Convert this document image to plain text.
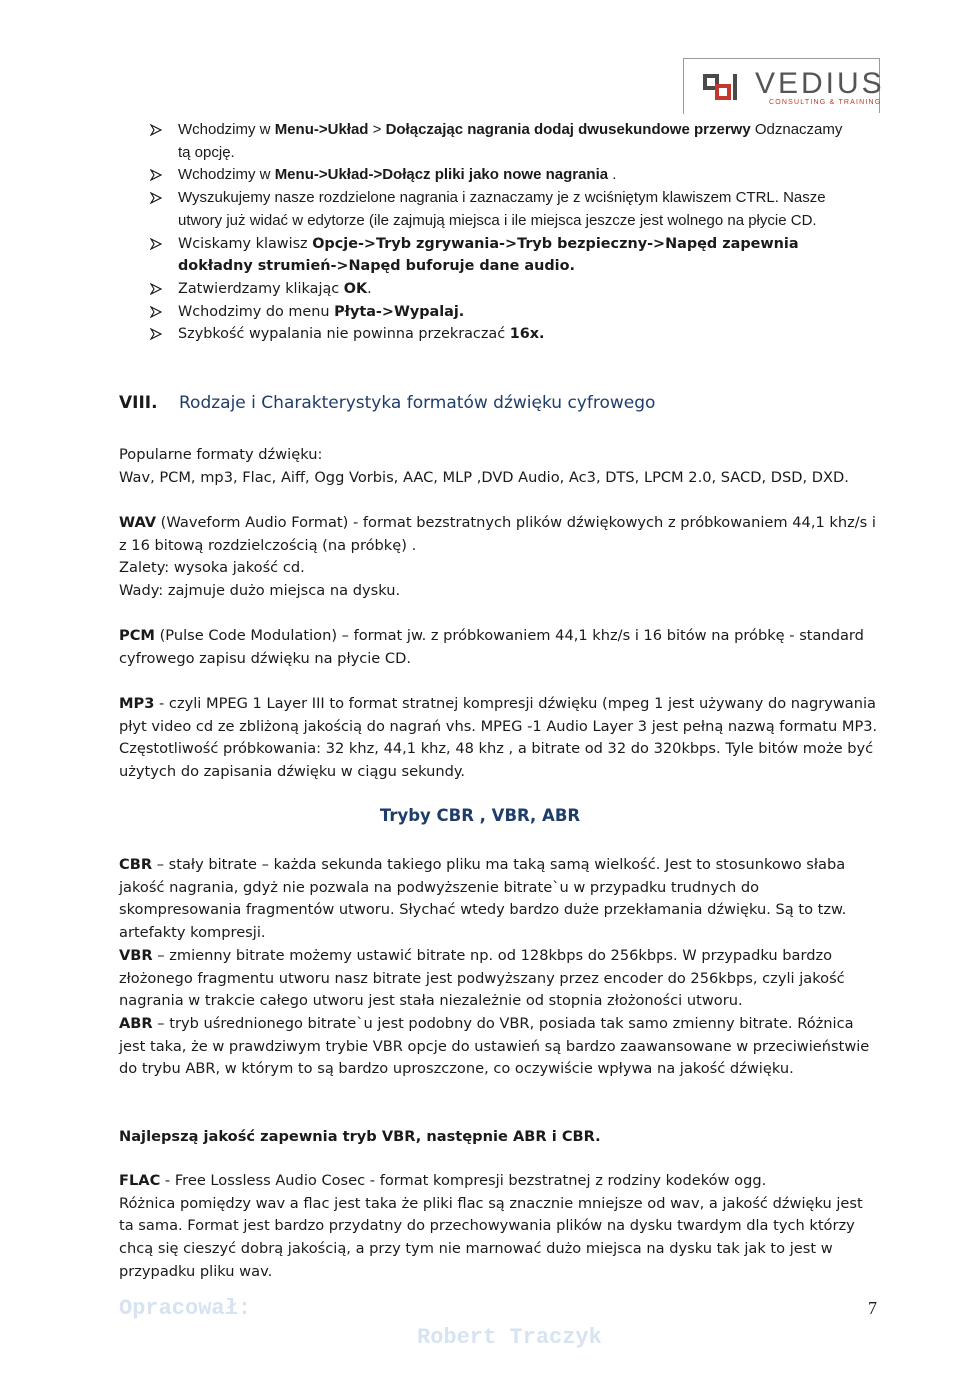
VEDIUS
CONSULTING & TRAINING
Wchodzimy w Menu->Układ > Dołączając nagrania dodaj dwusekundowe przerwy Odznaczamy tą opcję.
Wchodzimy w Menu->Układ->Dołącz pliki jako nowe nagrania .
Wyszukujemy nasze rozdzielone nagrania i zaznaczamy je z wciśniętym klawiszem CTRL. Nasze utwory już widać w edytorze (ile zajmują miejsca i ile miejsca jeszcze jest wolnego na płycie CD.
Wciskamy klawisz Opcje->Tryb zgrywania->Tryb bezpieczny->Napęd zapewnia dokładny strumień->Napęd buforuje dane audio.
Zatwierdzamy klikając OK.
Wchodzimy do menu Płyta->Wypalaj.
Szybkość wypalania nie powinna przekraczać 16x.
VIII. Rodzaje i Charakterystyka formatów dźwięku cyfrowego

Popularne formaty dźwięku:

Wav, PCM, mp3, Flac, Aiff, Ogg Vorbis, AAC, MLP ,DVD Audio, Ac3, DTS, LPCM 2.0, SACD, DSD, DXD.

WAV (Waveform Audio Format) - format bezstratnych plików dźwiękowych z próbkowaniem 44,1 khz/s i z 16 bitową rozdzielczością (na próbkę) .

Zalety: wysoka jakość cd.

Wady: zajmuje dużo miejsca na dysku.

PCM (Pulse Code Modulation) – format jw. z próbkowaniem 44,1 khz/s i 16 bitów na próbkę - standard cyfrowego zapisu dźwięku na płycie CD.

MP3 - czyli MPEG 1 Layer III to format stratnej kompresji dźwięku (mpeg 1 jest używany do nagrywania płyt video cd ze zbliżoną jakością do nagrań vhs. MPEG -1 Audio Layer 3 jest pełną nazwą formatu MP3. Częstotliwość próbkowania: 32 khz, 44,1 khz, 48 khz , a bitrate od 32 do 320kbps. Tyle bitów może być użytych do zapisania dźwięku w ciągu sekundy.

CBR – stały bitrate – każda sekunda takiego pliku ma taką samą wielkość. Jest to stosunkowo słaba jakość nagrania, gdyż nie pozwala na podwyższenie bitrate`u w przypadku trudnych do skompresowania fragmentów utworu. Słychać wtedy bardzo duże przekłamania dźwięku. Są to tzw. artefakty kompresji.

VBR – zmienny bitrate możemy ustawić bitrate np. od 128kbps do 256kbps. W przypadku bardzo złożonego fragmentu utworu nasz bitrate jest podwyższany przez encoder do 256kbps, czyli jakość nagrania w trakcie całego utworu jest stała niezależnie od stopnia złożoności utworu.

ABR – tryb uśrednionego bitrate`u jest podobny do VBR, posiada tak samo zmienny bitrate. Różnica jest taka, że w prawdziwym trybie VBR opcje do ustawień są bardzo zaawansowane w przeciwieństwie do trybu ABR, w którym to są bardzo uproszczone, co oczywiście wpływa na jakość dźwięku.

Najlepszą jakość zapewnia tryb VBR, następnie ABR i CBR.

FLAC - Free Lossless Audio Cosec - format kompresji bezstratnej z rodziny kodeków ogg.

Różnica pomiędzy wav a flac jest taka że pliki flac są znacznie mniejsze od wav, a jakość dźwięku jest ta sama. Format jest bardzo przydatny do przechowywania plików na dysku twardym dla tych którzy chcą się cieszyć dobrą jakością, a przy tym nie marnować dużo miejsca na dysku tak jak to jest w przypadku pliku wav.

Tryby CBR , VBR, ABR
Opracował:
Robert Traczyk
7
